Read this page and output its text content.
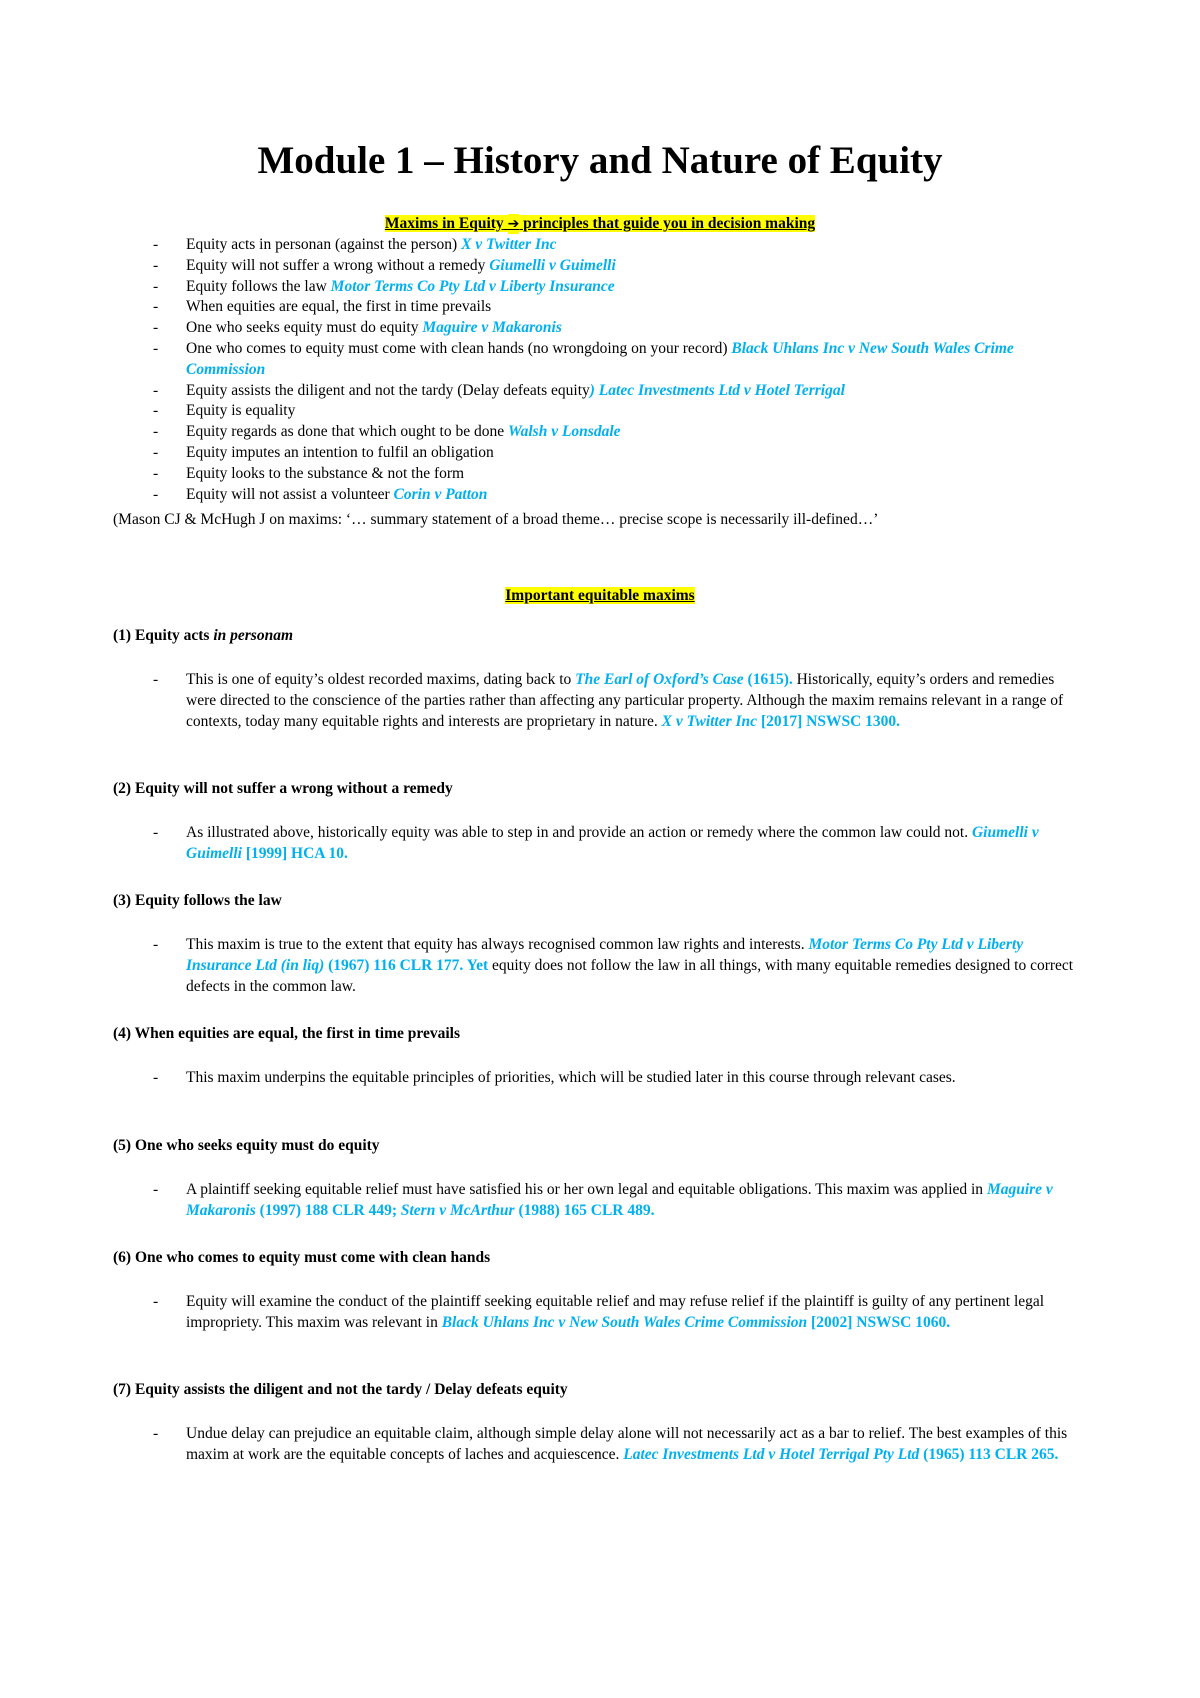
Module 1 – History and Nature of Equity
Maxims in Equity ➔ principles that guide you in decision making
- Equity acts in personan (against the person) X v Twitter Inc
- Equity will not suffer a wrong without a remedy Giumelli v Guimelli
- Equity follows the law Motor Terms Co Pty Ltd v Liberty Insurance
- When equities are equal, the first in time prevails
- One who seeks equity must do equity Maguire v Makaronis
- One who comes to equity must come with clean hands (no wrongdoing on your record) Black Uhlans Inc v New South Wales Crime Commission
- Equity assists the diligent and not the tardy (Delay defeats equity) Latec Investments Ltd v Hotel Terrigal
- Equity is equality
- Equity regards as done that which ought to be done Walsh v Lonsdale
- Equity imputes an intention to fulfil an obligation
- Equity looks to the substance & not the form
- Equity will not assist a volunteer Corin v Patton
(Mason CJ & McHugh J on maxims: ‘… summary statement of a broad theme… precise scope is necessarily ill-defined…’
Important equitable maxims
(1) Equity acts in personam
- This is one of equity’s oldest recorded maxims, dating back to The Earl of Oxford’s Case (1615). Historically, equity’s orders and remedies were directed to the conscience of the parties rather than affecting any particular property. Although the maxim remains relevant in a range of contexts, today many equitable rights and interests are proprietary in nature. X v Twitter Inc [2017] NSWSC 1300.
(2) Equity will not suffer a wrong without a remedy
- As illustrated above, historically equity was able to step in and provide an action or remedy where the common law could not. Giumelli v Guimelli [1999] HCA 10.
(3) Equity follows the law
- This maxim is true to the extent that equity has always recognised common law rights and interests. Motor Terms Co Pty Ltd v Liberty Insurance Ltd (in liq) (1967) 116 CLR 177. Yet equity does not follow the law in all things, with many equitable remedies designed to correct defects in the common law.
(4) When equities are equal, the first in time prevails
- This maxim underpins the equitable principles of priorities, which will be studied later in this course through relevant cases.
(5) One who seeks equity must do equity
- A plaintiff seeking equitable relief must have satisfied his or her own legal and equitable obligations. This maxim was applied in Maguire v Makaronis (1997) 188 CLR 449; Stern v McArthur (1988) 165 CLR 489.
(6) One who comes to equity must come with clean hands
- Equity will examine the conduct of the plaintiff seeking equitable relief and may refuse relief if the plaintiff is guilty of any pertinent legal impropriety. This maxim was relevant in Black Uhlans Inc v New South Wales Crime Commission [2002] NSWSC 1060.
(7) Equity assists the diligent and not the tardy / Delay defeats equity
- Undue delay can prejudice an equitable claim, although simple delay alone will not necessarily act as a bar to relief. The best examples of this maxim at work are the equitable concepts of laches and acquiescence. Latec Investments Ltd v Hotel Terrigal Pty Ltd (1965) 113 CLR 265.
